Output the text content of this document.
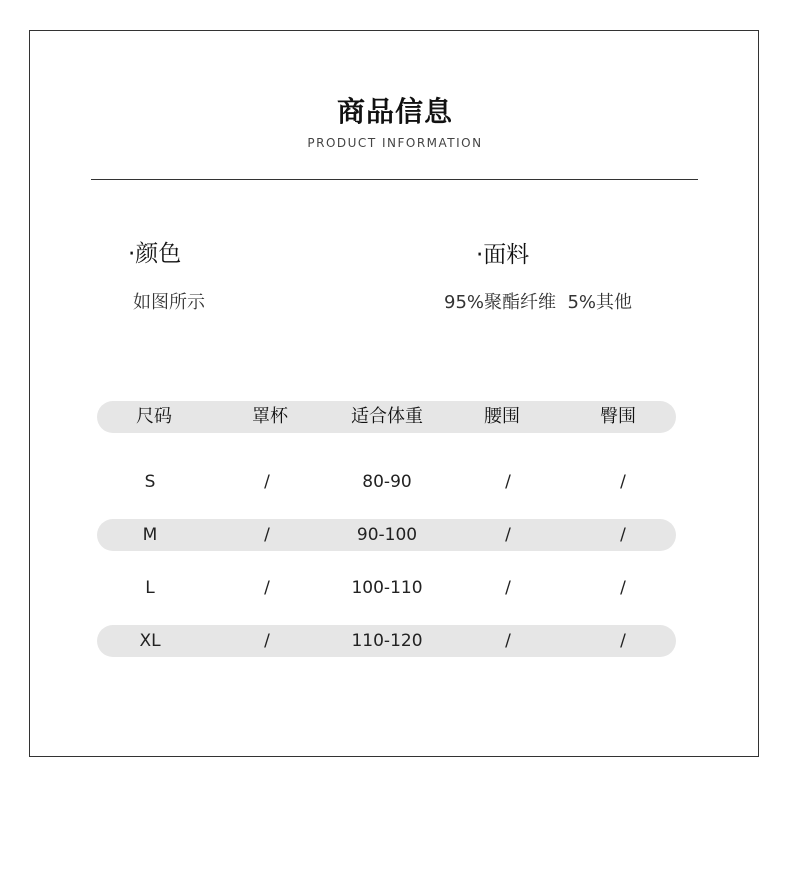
商品信息
PRODUCT INFORMATION
·颜色
如图所示
·面料
95%聚酯纤维  5%其他
尺码	罩杯	适合体重	腰围	臀围
S	/	80-90	/	/
M	/	90-100	/	/
L	/	100-110	/	/
XL	/	110-120	/	/
